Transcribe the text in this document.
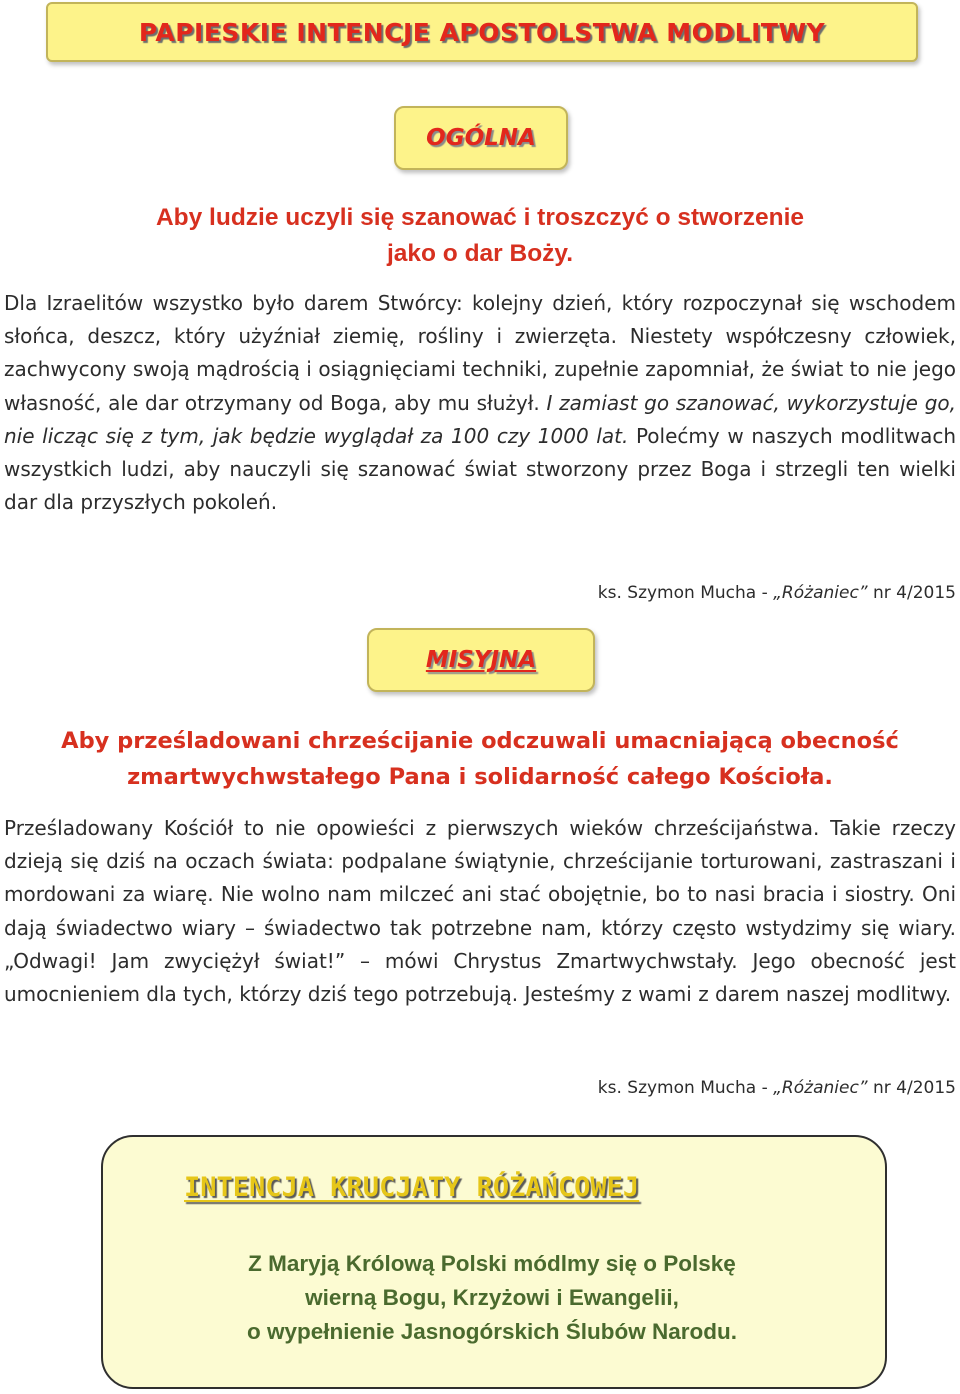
PAPIESKIE INTENCJE APOSTOLSTWA MODLITWY
OGÓLNA
Aby ludzie uczyli się szanować i troszczyć o stworzenie
jako o dar Boży.

Dla Izraelitów wszystko było darem Stwórcy: kolejny dzień, który rozpoczynał się wschodem słońca, deszcz, który użyźniał ziemię, rośliny i zwierzęta. Niestety współczesny człowiek, zachwycony swoją mądrością i osiągnięciami techniki, zupełnie zapomniał, że świat to nie jego własność, ale dar otrzymany od Boga, aby mu służył. I zamiast go szanować, wykorzystuje go, nie licząc się z tym, jak będzie wyglądał za 100 czy 1000 lat. Polećmy w naszych modlitwach wszystkich ludzi, aby nauczyli się szanować świat stworzony przez Boga i strzegli ten wielki dar dla przyszłych pokoleń.

ks. Szymon Mucha - „Różaniec” nr 4/2015
MISYJNA
Aby prześladowani chrześcijanie odczuwali umacniającą obecność
zmartwychwstałego Pana i solidarność całego Kościoła.

Prześladowany Kościół to nie opowieści z pierwszych wieków chrześcijaństwa. Takie rzeczy dzieją się dziś na oczach świata: podpalane świątynie, chrześcijanie torturowani, zastraszani i mordowani za wiarę. Nie wolno nam milczeć ani stać obojętnie, bo to nasi bracia i siostry. Oni dają świadectwo wiary – świadectwo tak potrzebne nam, którzy często wstydzimy się wiary. „Odwagi! Jam zwyciężył świat!” – mówi Chrystus Zmartwychwstały. Jego obecność jest umocnieniem dla tych, którzy dziś tego potrzebują. Jesteśmy z wami z darem naszej modlitwy.

ks. Szymon Mucha - „Różaniec” nr 4/2015
INTENCJA KRUCJATY RÓŻAŃCOWEJ
Z Maryją Królową Polski módlmy się o Polskę
wierną Bogu, Krzyżowi i Ewangelii,
o wypełnienie Jasnogórskich Ślubów Narodu.
